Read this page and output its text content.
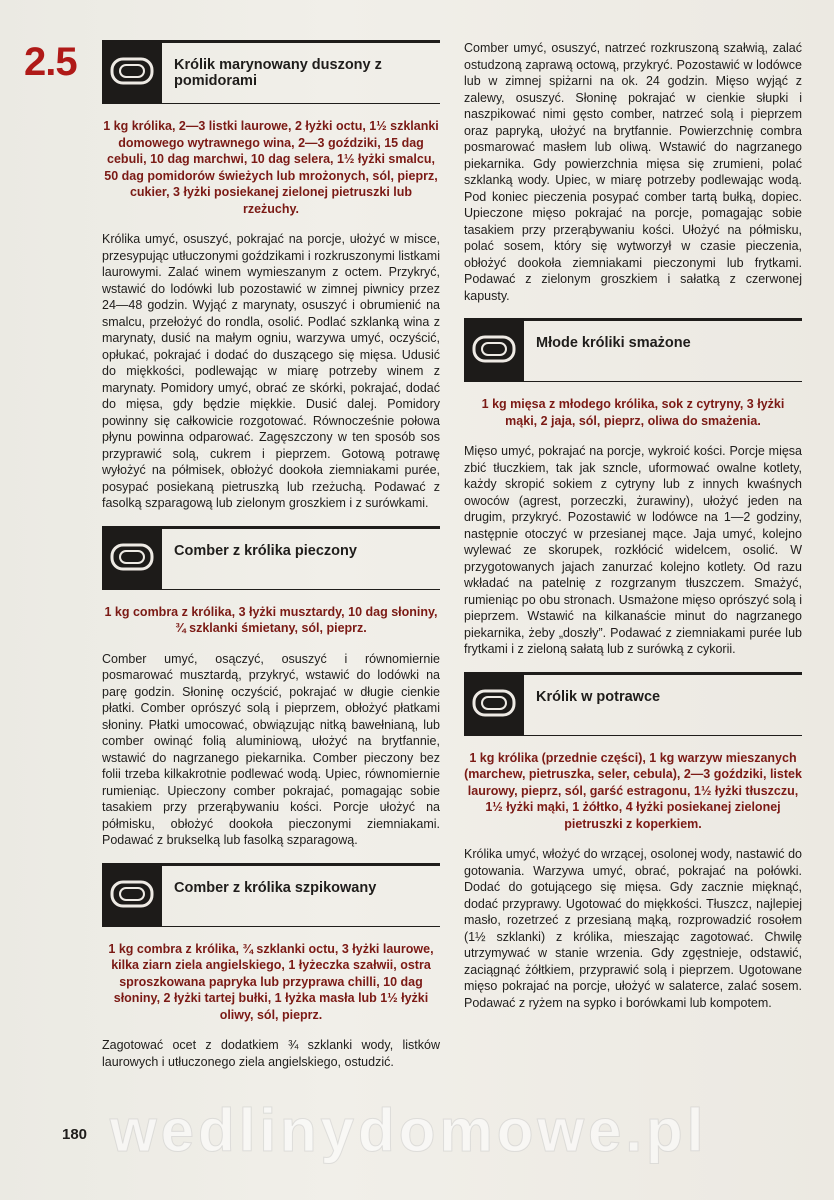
2.5	Królik marynowany duszony z pomidorami

1 kg królika, 2—3 listki laurowe, 2 łyżki octu, 1½ szklanki domowego wytrawnego wina, 2—3 goździki, 15 dag cebuli, 10 dag marchwi, 10 dag selera, 1½ łyżki smalcu, 50 dag pomidorów świeżych lub mrożonych, sól, pieprz, cukier, 3 łyżki posiekanej zielonej pietruszki lub rzeżuchy.

Królika umyć, osuszyć, pokrajać na porcje, ułożyć w misce, przesypując utłuczonymi goździkami i rozkruszonymi listkami laurowymi. Zalać winem wymieszanym z octem. Przykryć, wstawić do lodówki lub pozostawić w zimnej piwnicy przez 24—48 godzin. Wyjąć z marynaty, osuszyć i obrumienić na smalcu, przełożyć do rondla, osolić. Podlać szklanką wina z marynaty, dusić na małym ogniu, warzywa umyć, oczyścić, opłukać, pokrajać i dodać do duszącego się mięsa. Udusić do miękkości, podlewając w miarę potrzeby winem z marynaty. Pomidory umyć, obrać ze skórki, pokrajać, dodać do mięsa, gdy będzie miękkie. Dusić dalej. Pomidory powinny się całkowicie rozgotować. Równocześnie połowa płynu powinna odparować. Zagęszczony w ten sposób sos przyprawić solą, cukrem i pieprzem. Gotową potrawę wyłożyć na półmisek, obłożyć dookoła ziemniakami purée, posypać posiekaną pietruszką lub rzeżuchą. Podawać z fasolką szparagową lub zielonym groszkiem i z surówkami.

Comber z królika pieczony

1 kg combra z królika, 3 łyżki musztardy, 10 dag słoniny, ¾ szklanki śmietany, sól, pieprz.

Comber umyć, osączyć, osuszyć i równomiernie posmarować musztardą, przykryć, wstawić do lodówki na parę godzin. Słoninę oczyścić, pokrajać w długie cienkie płatki. Comber oprószyć solą i pieprzem, obłożyć płatkami słoniny. Płatki umocować, obwiązując nitką bawełnianą, lub comber owinąć folią aluminiową, ułożyć na brytfannie, wstawić do nagrzanego piekarnika. Comber pieczony bez folii trzeba kilkakrotnie podlewać wodą. Upiec, równomiernie rumieniąc. Upieczony comber pokrajać, pomagając sobie tasakiem przy przerąbywaniu kości. Porcje ułożyć na półmisku, obłożyć dookoła pieczonymi ziemniakami. Podawać z brukselką lub fasolką szparagową.

Comber z królika szpikowany

1 kg combra z królika, ¾ szklanki octu, 3 łyżki laurowe, kilka ziarn ziela angielskiego, 1 łyżeczka szałwii, ostra sproszkowana papryka lub przyprawa chilli, 10 dag słoniny, 2 łyżki tartej bułki, 1 łyżka masła lub 1½ łyżki oliwy, sól, pieprz.

Zagotować ocet z dodatkiem ¾ szklanki wody, listków laurowych i utłuczonego ziela angielskiego, ostudzić.

Comber umyć, osuszyć, natrzeć rozkruszoną szałwią, zalać ostudzoną zaprawą octową, przykryć. Pozostawić w lodówce lub w zimnej spiżarni na ok. 24 godzin. Mięso wyjąć z zalewy, osuszyć. Słoninę pokrajać w cienkie słupki i naszpikować nimi gęsto comber, natrzeć solą i pieprzem oraz papryką, ułożyć na brytfannie. Powierzchnię combra posmarować masłem lub oliwą. Wstawić do nagrzanego piekarnika. Gdy powierzchnia mięsa się zrumieni, polać szklanką wody. Upiec, w miarę potrzeby podlewając wodą. Pod koniec pieczenia posypać comber tartą bułką, dopiec. Upieczone mięso pokrajać na porcje, pomagając sobie tasakiem przy przerąbywaniu kości. Ułożyć na półmisku, polać sosem, który się wytworzył w czasie pieczenia, obłożyć dookoła ziemniakami pieczonymi lub frytkami. Podawać z zielonym groszkiem i sałatką z czerwonej kapusty.

Młode króliki smażone

1 kg mięsa z młodego królika, sok z cytryny, 3 łyżki mąki, 2 jaja, sól, pieprz, oliwa do smażenia.

Mięso umyć, pokrajać na porcje, wykroić kości. Porcje mięsa zbić tłuczkiem, tak jak szncle, uformować owalne kotlety, każdy skropić sokiem z cytryny lub z innych kwaśnych owoców (agrest, porzeczki, żurawiny), ułożyć jeden na drugim, przykryć. Pozostawić w lodówce na 1—2 godziny, następnie otoczyć w przesianej mące. Jaja umyć, kolejno wylewać ze skorupek, rozkłócić widelcem, osolić. W przygotowanych jajach zanurzać kolejno kotlety. Od razu wkładać na patelnię z rozgrzanym tłuszczem. Smażyć, rumieniąc po obu stronach. Usmażone mięso oprószyć solą i pieprzem. Wstawić na kilkanaście minut do nagrzanego piekarnika, żeby „doszły”. Podawać z ziemniakami purée lub frytkami i z zieloną sałatą lub z surówką z cykorii.

Królik w potrawce

1 kg królika (przednie części), 1 kg warzyw mieszanych (marchew, pietruszka, seler, cebula), 2—3 goździki, listek laurowy, pieprz, sól, garść estragonu, 1½ łyżki tłuszczu, 1½ łyżki mąki, 1 żółtko, 4 łyżki posiekanej zielonej pietruszki z koperkiem.

Królika umyć, włożyć do wrzącej, osolonej wody, nastawić do gotowania. Warzywa umyć, obrać, pokrajać na połówki. Dodać do gotującego się mięsa. Gdy zacznie mięknąć, dodać przyprawy. Ugotować do miękkości. Tłuszcz, najlepiej masło, rozetrzeć z przesianą mąką, rozprowadzić rosołem (1½ szklanki) z królika, mieszając zagotować. Chwilę utrzymywać w stanie wrzenia. Gdy zgęstnieje, odstawić, zaciągnąć żółtkiem, przyprawić solą i pieprzem. Ugotowane mięso pokrajać na porcje, ułożyć w salaterce, zalać sosem. Podawać z ryżem na sypko i borówkami lub kompotem.

wedlinydomowe.pl
180
